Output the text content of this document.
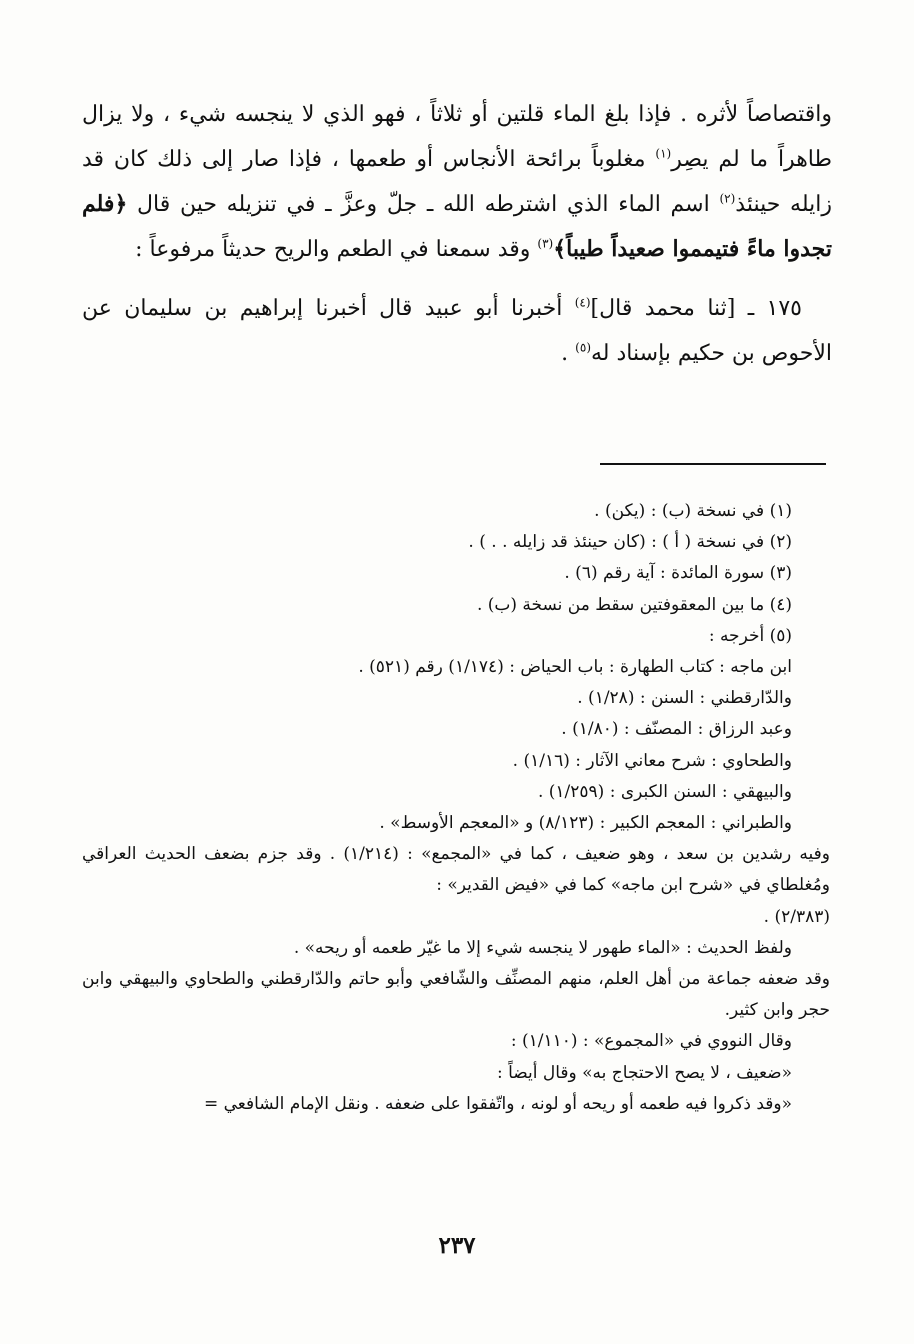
واقتصاصاً لأثره . فإذا بلغ الماء قلتين أو ثلاثاً ، فهو الذي لا ينجسه شيء ، ولا يزال طاهراً ما لم يصِر$^{(١)}$ مغلوباً برائحة الأنجاس أو طعمها ، فإذا صار إلى ذلك كان قد زايله حينئذ$^{(٢)}$ اسم الماء الذي اشترطه الله ـ جلّ وعزَّ ـ في تنزيله حين قال ﴿فلم تجدوا ماءً فتيمموا صعيداً طيباً﴾$^{(٣)}$ وقد سمعنا في الطعم والريح حديثاً مرفوعاً :

١٧٥ ـ [ثنا محمد قال]$^{(٤)}$ أخبرنا أبو عبيد قال أخبرنا إبراهيم بن سليمان عن الأحوص بن حكيم بإسناد له$^{(٥)}$ .

(١) في نسخة (ب) : (يكن) .
(٢) في نسخة ( أ ) : (كان حينئذ قد زايله . . ) .
(٣) سورة المائدة : آية رقم (٦) .
(٤) ما بين المعقوفتين سقط من نسخة (ب) .
(٥) أخرجه :
ابن ماجه : كتاب الطهارة : باب الحياض : (١/١٧٤) رقم (٥٢١) .
والدّارقطني : السنن : (١/٢٨) .
وعبد الرزاق : المصنّف : (١/٨٠) .
والطحاوي : شرح معاني الآثار : (١/١٦) .
والبيهقي : السنن الكبرى : (١/٢٥٩) .
والطبراني : المعجم الكبير : (٨/١٢٣) و «المعجم الأوسط» .
وفيه رشدين بن سعد ، وهو ضعيف ، كما في «المجمع» : (١/٢١٤) . وقد جزم بضعف الحديث العراقي ومُغلطاي في «شرح ابن ماجه» كما في «فيض القدير» :
(٢/٣٨٣) .
ولفظ الحديث : «الماء طهور لا ينجسه شيء إلا ما غيّر طعمه أو ريحه» .
وقد ضعفه جماعة من أهل العلم، منهم المصنِّف والشّافعي وأبو حاتم والدّارقطني والطحاوي والبيهقي وابن حجر وابن كثير.
وقال النووي في «المجموع» : (١/١١٠) :
«ضعيف ، لا يصح الاحتجاج به» وقال أيضاً :
«وقد ذكروا فيه طعمه أو ريحه أو لونه ، واتّفقوا على ضعفه . ونقل الإمام الشافعي =
٢٣٧
